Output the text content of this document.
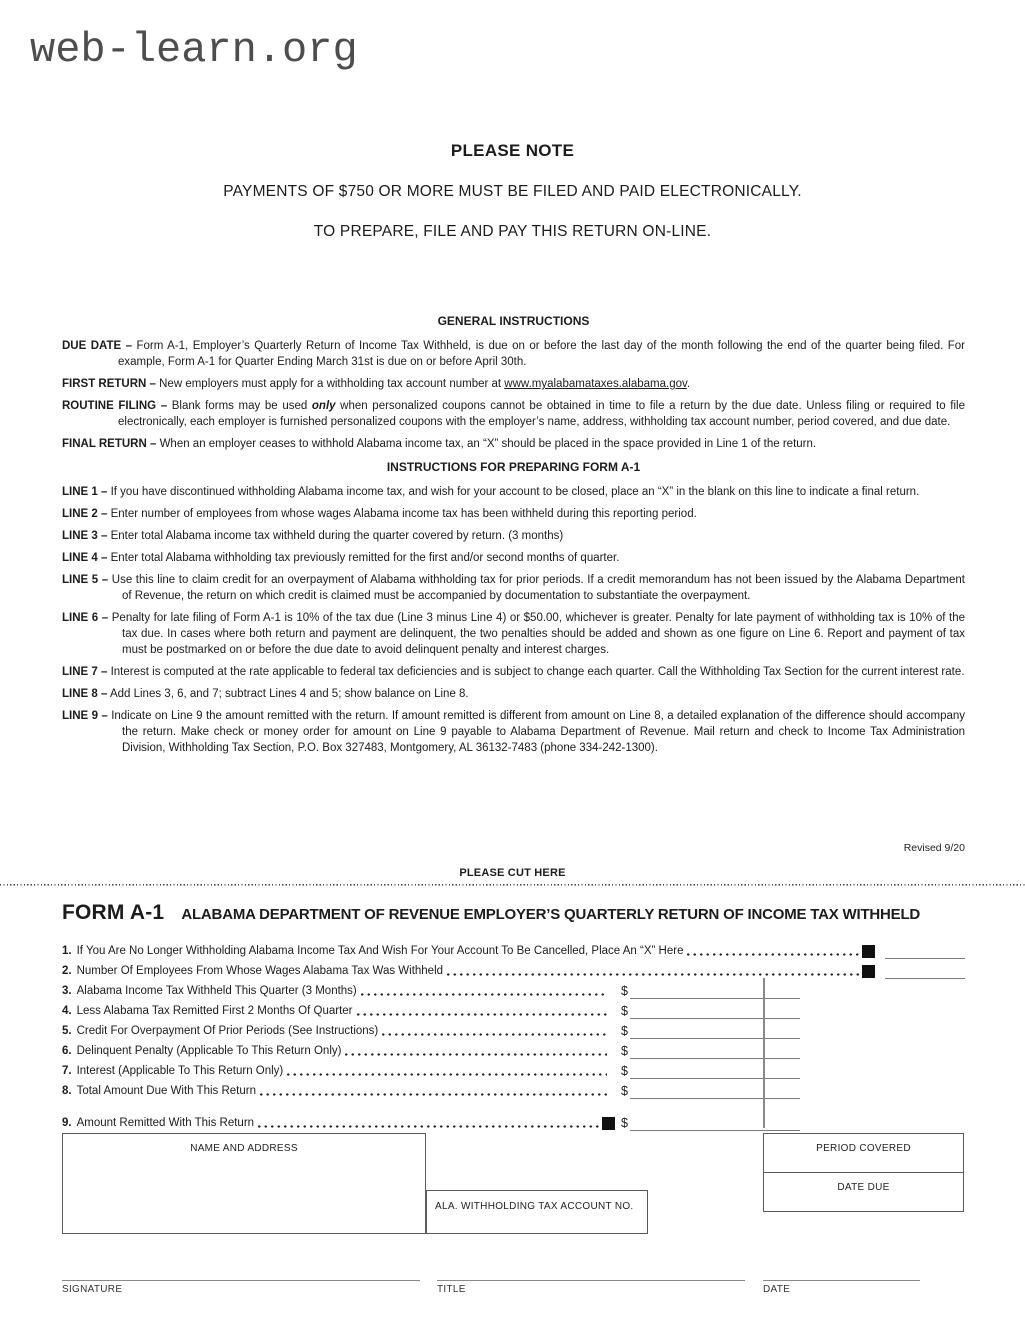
web-learn.org
PLEASE NOTE
PAYMENTS OF $750 OR MORE MUST BE FILED AND PAID ELECTRONICALLY.
TO PREPARE, FILE AND PAY THIS RETURN ON-LINE.
GENERAL INSTRUCTIONS

DUE DATE – Form A-1, Employer’s Quarterly Return of Income Tax Withheld, is due on or before the last day of the month following the end of the quarter being filed. For example, Form A-1 for Quarter Ending March 31st is due on or before April 30th.

FIRST RETURN – New employers must apply for a withholding tax account number at www.myalabamataxes.alabama.gov.

ROUTINE FILING – Blank forms may be used only when personalized coupons cannot be obtained in time to file a return by the due date. Unless filing or required to file electronically, each employer is furnished personalized coupons with the employer’s name, address, withholding tax account number, period covered, and due date.

FINAL RETURN – When an employer ceases to withhold Alabama income tax, an “X” should be placed in the space provided in Line 1 of the return.

INSTRUCTIONS FOR PREPARING FORM A-1

LINE 1 – If you have discontinued withholding Alabama income tax, and wish for your account to be closed, place an “X” in the blank on this line to indicate a final return.

LINE 2 – Enter number of employees from whose wages Alabama income tax has been withheld during this reporting period.

LINE 3 – Enter total Alabama income tax withheld during the quarter covered by return. (3 months)

LINE 4 – Enter total Alabama withholding tax previously remitted for the first and/or second months of quarter.

LINE 5 – Use this line to claim credit for an overpayment of Alabama withholding tax for prior periods. If a credit memorandum has not been issued by the Alabama Department of Revenue, the return on which credit is claimed must be accompanied by documentation to substantiate the overpayment.

LINE 6 – Penalty for late filing of Form A-1 is 10% of the tax due (Line 3 minus Line 4) or $50.00, whichever is greater. Penalty for late payment of withholding tax is 10% of the tax due. In cases where both return and payment are delinquent, the two penalties should be added and shown as one figure on Line 6. Report and payment of tax must be postmarked on or before the due date to avoid delinquent penalty and interest charges.

LINE 7 – Interest is computed at the rate applicable to federal tax deficiencies and is subject to change each quarter. Call the Withholding Tax Section for the current interest rate.

LINE 8 – Add Lines 3, 6, and 7; subtract Lines 4 and 5; show balance on Line 8.

LINE 9 – Indicate on Line 9 the amount remitted with the return. If amount remitted is different from amount on Line 8, a detailed explanation of the difference should accompany the return. Make check or money order for amount on Line 9 payable to Alabama Department of Revenue. Mail return and check to Income Tax Administration Division, Withholding Tax Section, P.O. Box 327483, Montgomery, AL 36132-7483 (phone 334-242-1300).

Revised 9/20
PLEASE CUT HERE
FORM A-1 ALABAMA DEPARTMENT OF REVENUE EMPLOYER’S QUARTERLY RETURN OF INCOME TAX WITHHELD
1. If You Are No Longer Withholding Alabama Income Tax And Wish For Your Account To Be Cancelled, Place An “X” Here
2. Number Of Employees From Whose Wages Alabama Tax Was Withheld
3. Alabama Income Tax Withheld This Quarter (3 Months)	$
4. Less Alabama Tax Remitted First 2 Months Of Quarter	$
5. Credit For Overpayment Of Prior Periods (See Instructions)	$
6. Delinquent Penalty (Applicable To This Return Only)	$
7. Interest (Applicable To This Return Only)	$
8. Total Amount Due With This Return	$
9. Amount Remitted With This Return	$
NAME AND ADDRESS
ALA. WITHHOLDING TAX ACCOUNT NO.
PERIOD COVERED
DATE DUE
SIGNATURE	TITLE	DATE
